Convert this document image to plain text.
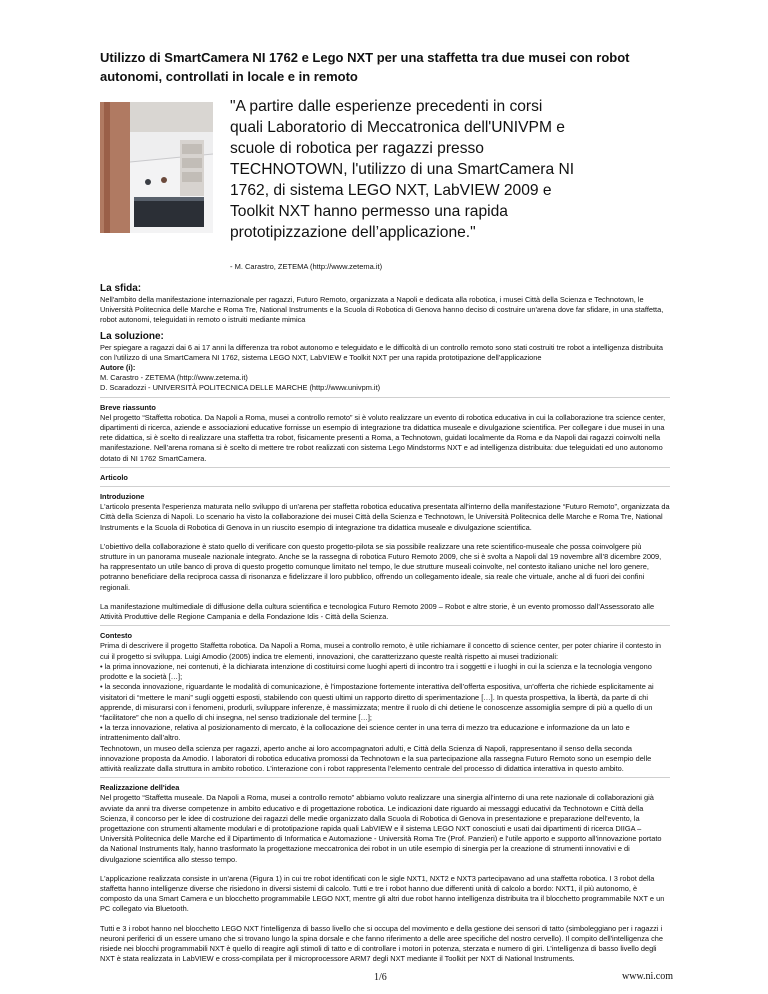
Utilizzo di SmartCamera NI 1762 e Lego NXT per una staffetta tra due musei con robot autonomi, controllati in locale e in remoto

"A partire dalle esperienze precedenti in corsi quali Laboratorio di Meccatronica dell'UNIVPM e scuole di robotica per ragazzi presso TECHNOTOWN, l'utilizzo di una SmartCamera NI 1762, di sistema LEGO NXT, LabVIEW 2009 e Toolkit NXT hanno permesso una rapida prototipizzazione dell’applicazione."

- M. Carastro, ZETEMA (http://www.zetema.it)

La sfida:

Nell'ambito della manifestazione internazionale per ragazzi, Futuro Remoto, organizzata a Napoli e dedicata alla robotica, i musei Città della Scienza e Technotown, le Università Politecnica delle Marche e Roma Tre, National Instruments e la Scuola di Robotica di Genova hanno deciso di costruire un'arena dove far sfidare, in una staffetta, robot autonomi, teleguidati in remoto o istruiti mediante mimica

La soluzione:

Per spiegare a ragazzi dai 6 ai 17 anni la differenza tra robot autonomo e teleguidato e le difficoltà di un controllo remoto sono stati costruiti tre robot a intelligenza distribuita con l'utilizzo di una SmartCamera NI 1762, sistema LEGO NXT, LabVIEW e Toolkit NXT per una rapida prototipazione dell’applicazione

Autore (i):

M. Carastro - ZETEMA (http://www.zetema.it)

D. Scaradozzi - UNIVERSITÀ POLITECNICA DELLE MARCHE (http://www.univpm.it)

Breve riassunto

Nel progetto “Staffetta robotica. Da Napoli a Roma, musei a controllo remoto” si è voluto realizzare un evento di robotica educativa in cui la collaborazione tra science center, dipartimenti di ricerca, aziende e associazioni educative fornisse un esempio di integrazione tra didattica museale e divulgazione scientifica. Per collegare i due musei in una rete didattica, si è scelto di realizzare una staffetta tra robot, fisicamente presenti a Roma, a Technotown, guidati localmente da Roma e da Napoli dai ragazzi coinvolti nella manifestazione. Nell’arena romana si è scelto di mettere tre robot realizzati con sistema Lego Mindstorms NXT e ad intelligenza distribuita: due teleguidati ed uno autonomo dotato di NI 1762 SmartCamera.

Articolo

Introduzione

L'articolo presenta l'esperienza maturata nello sviluppo di un'arena per staffetta robotica educativa presentata all'interno della manifestazione “Futuro Remoto”, organizzata da Città della Scienza di Napoli. Lo scenario ha visto la collaborazione dei musei Città della Scienza e Technotown, le Università Politecnica delle Marche e Roma Tre, National Instruments e la Scuola di Robotica di Genova in un riuscito esempio di integrazione tra didattica museale e divulgazione scientifica.

L’obiettivo della collaborazione è stato quello di verificare con questo progetto-pilota se sia possibile realizzare una rete scientifico-museale che possa coinvolgere più strutture in un panorama museale nazionale integrato. Anche se la rassegna di robotica Futuro Remoto 2009, che si è svolta a Napoli dal 19 novembre all’8 dicembre 2009, ha rappresentato un utile banco di prova di questo progetto comunque limitato nel tempo, le due strutture museali coinvolte, nel contesto italiano uniche nel loro genere, potranno beneficiare della reciproca cassa di risonanza e fidelizzare il loro pubblico, offrendo un collegamento ideale, sia reale che virtuale, anche al di fuori dei confini regionali.

La manifestazione multimediale di diffusione della cultura scientifica e tecnologica Futuro Remoto 2009 – Robot e altre storie, è un evento promosso dall’Assessorato alle Attività Produttive delle Regione Campania e della Fondazione Idis - Città della Scienza.

Contesto

Prima di descrivere il progetto Staffetta robotica. Da Napoli a Roma, musei a controllo remoto, è utile richiamare il concetto di science center, per poter chiarire il contesto in cui il progetto si sviluppa. Luigi Amodio (2005) indica tre elementi, innovazioni, che caratterizzano queste realtà rispetto ai musei tradizionali:

• la prima innovazione, nei contenuti, è la dichiarata intenzione di costituirsi come luoghi aperti di incontro tra i soggetti e i luoghi in cui la scienza e la tecnologia vengono prodotte e la società […];

• la seconda innovazione, riguardante le modalità di comunicazione, è l’impostazione fortemente interattiva dell’offerta espositiva, un’offerta che richiede esplicitamente ai visitatori di “mettere le mani” sugli oggetti esposti, stabilendo con questi ultimi un rapporto diretto di sperimentazione […]. In questa prospettiva, la libertà, da parte di chi apprende, di misurarsi con i fenomeni, produrli, sviluppare inferenze, è massimizzata; mentre il ruolo di chi detiene le conoscenze assomiglia sempre di più a quello di un “facilitatore” che non a quello di chi insegna, nel senso tradizionale del termine […];

• la terza innovazione, relativa al posizionamento di mercato, è la collocazione dei science center in una terra di mezzo tra educazione e informazione da un lato e intrattenimento dall’altro.

Technotown, un museo della scienza per ragazzi, aperto anche ai loro accompagnatori adulti, e Città della Scienza di Napoli, rappresentano il senso della seconda innovazione proposta da Amodio. I laboratori di robotica educativa promossi da Technotown e la sua partecipazione alla rassegna Futuro Remoto sono un esempio delle attività realizzate dalla struttura in ambito robotico. L’interazione con i robot rappresenta l’elemento centrale del processo di didattica interattiva in questo ambito.

Realizzazione dell'idea

Nel progetto “Staffetta museale. Da Napoli a Roma, musei a controllo remoto” abbiamo voluto realizzare una sinergia all'interno di una rete nazionale di collaborazioni già avviate da anni tra diverse competenze in ambito educativo e di progettazione robotica. Le indicazioni date riguardo ai messaggi educativi da Technotown e Città della Scienza, il concorso per le idee di costruzione dei ragazzi delle medie organizzato dalla Scuola di Robotica di Genova in presentazione e preparazione dell'evento, la progettazione con strumenti altamente modulari e di prototipazione rapida quali LabVIEW e il sistema LEGO NXT conosciuti e usati dai dipartimenti di ricerca DIIGA – Università Politecnica delle Marche ed il Dipartimento di Informatica e Automazione - Università Roma Tre (Prof. Panzieri) e l'utile apporto e supporto all'innovazione portato da National Instruments Italy, hanno trasformato la progettazione meccatronica dei robot in un utile esempio di sinergia per la creazione di strumenti innovativi e di divulgazione scientifica allo stesso tempo.

L'applicazione realizzata consiste in un'arena (Figura 1) in cui tre robot identificati con le sigle NXT1, NXT2 e NXT3 partecipavano ad una staffetta robotica. I 3 robot della staffetta hanno intelligenze diverse che risiedono in diversi sistemi di calcolo. Tutti e tre i robot hanno due differenti unità di calcolo a bordo: NXT1, il più autonomo, è composto da una Smart Camera e un blocchetto programmabile LEGO NXT, mentre gli altri due robot hanno intelligenza distribuita tra il blocchetto programmabile NXT e un PC collegato via Bluetooth.

Tutti e 3 i robot hanno nel blocchetto LEGO NXT l'intelligenza di basso livello che si occupa del movimento e della gestione dei sensori di tatto (simboleggiano per i ragazzi i neuroni periferici di un essere umano che si trovano lungo la spina dorsale e che fanno riferimento a delle aree specifiche del nostro cervello). Il compito dell'intelligenza che risiede nei blocchi programmabili NXT è quello di reagire agli stimoli di tatto e di controllare i motori in potenza, sterzata e numero di giri. L’intelligenza di basso livello degli NXT è stata realizzata in LabVIEW e cross-compilata per il microprocessore ARM7 degli NXT mediante il Toolkit per NXT di National Instruments.

1/6	www.ni.com
